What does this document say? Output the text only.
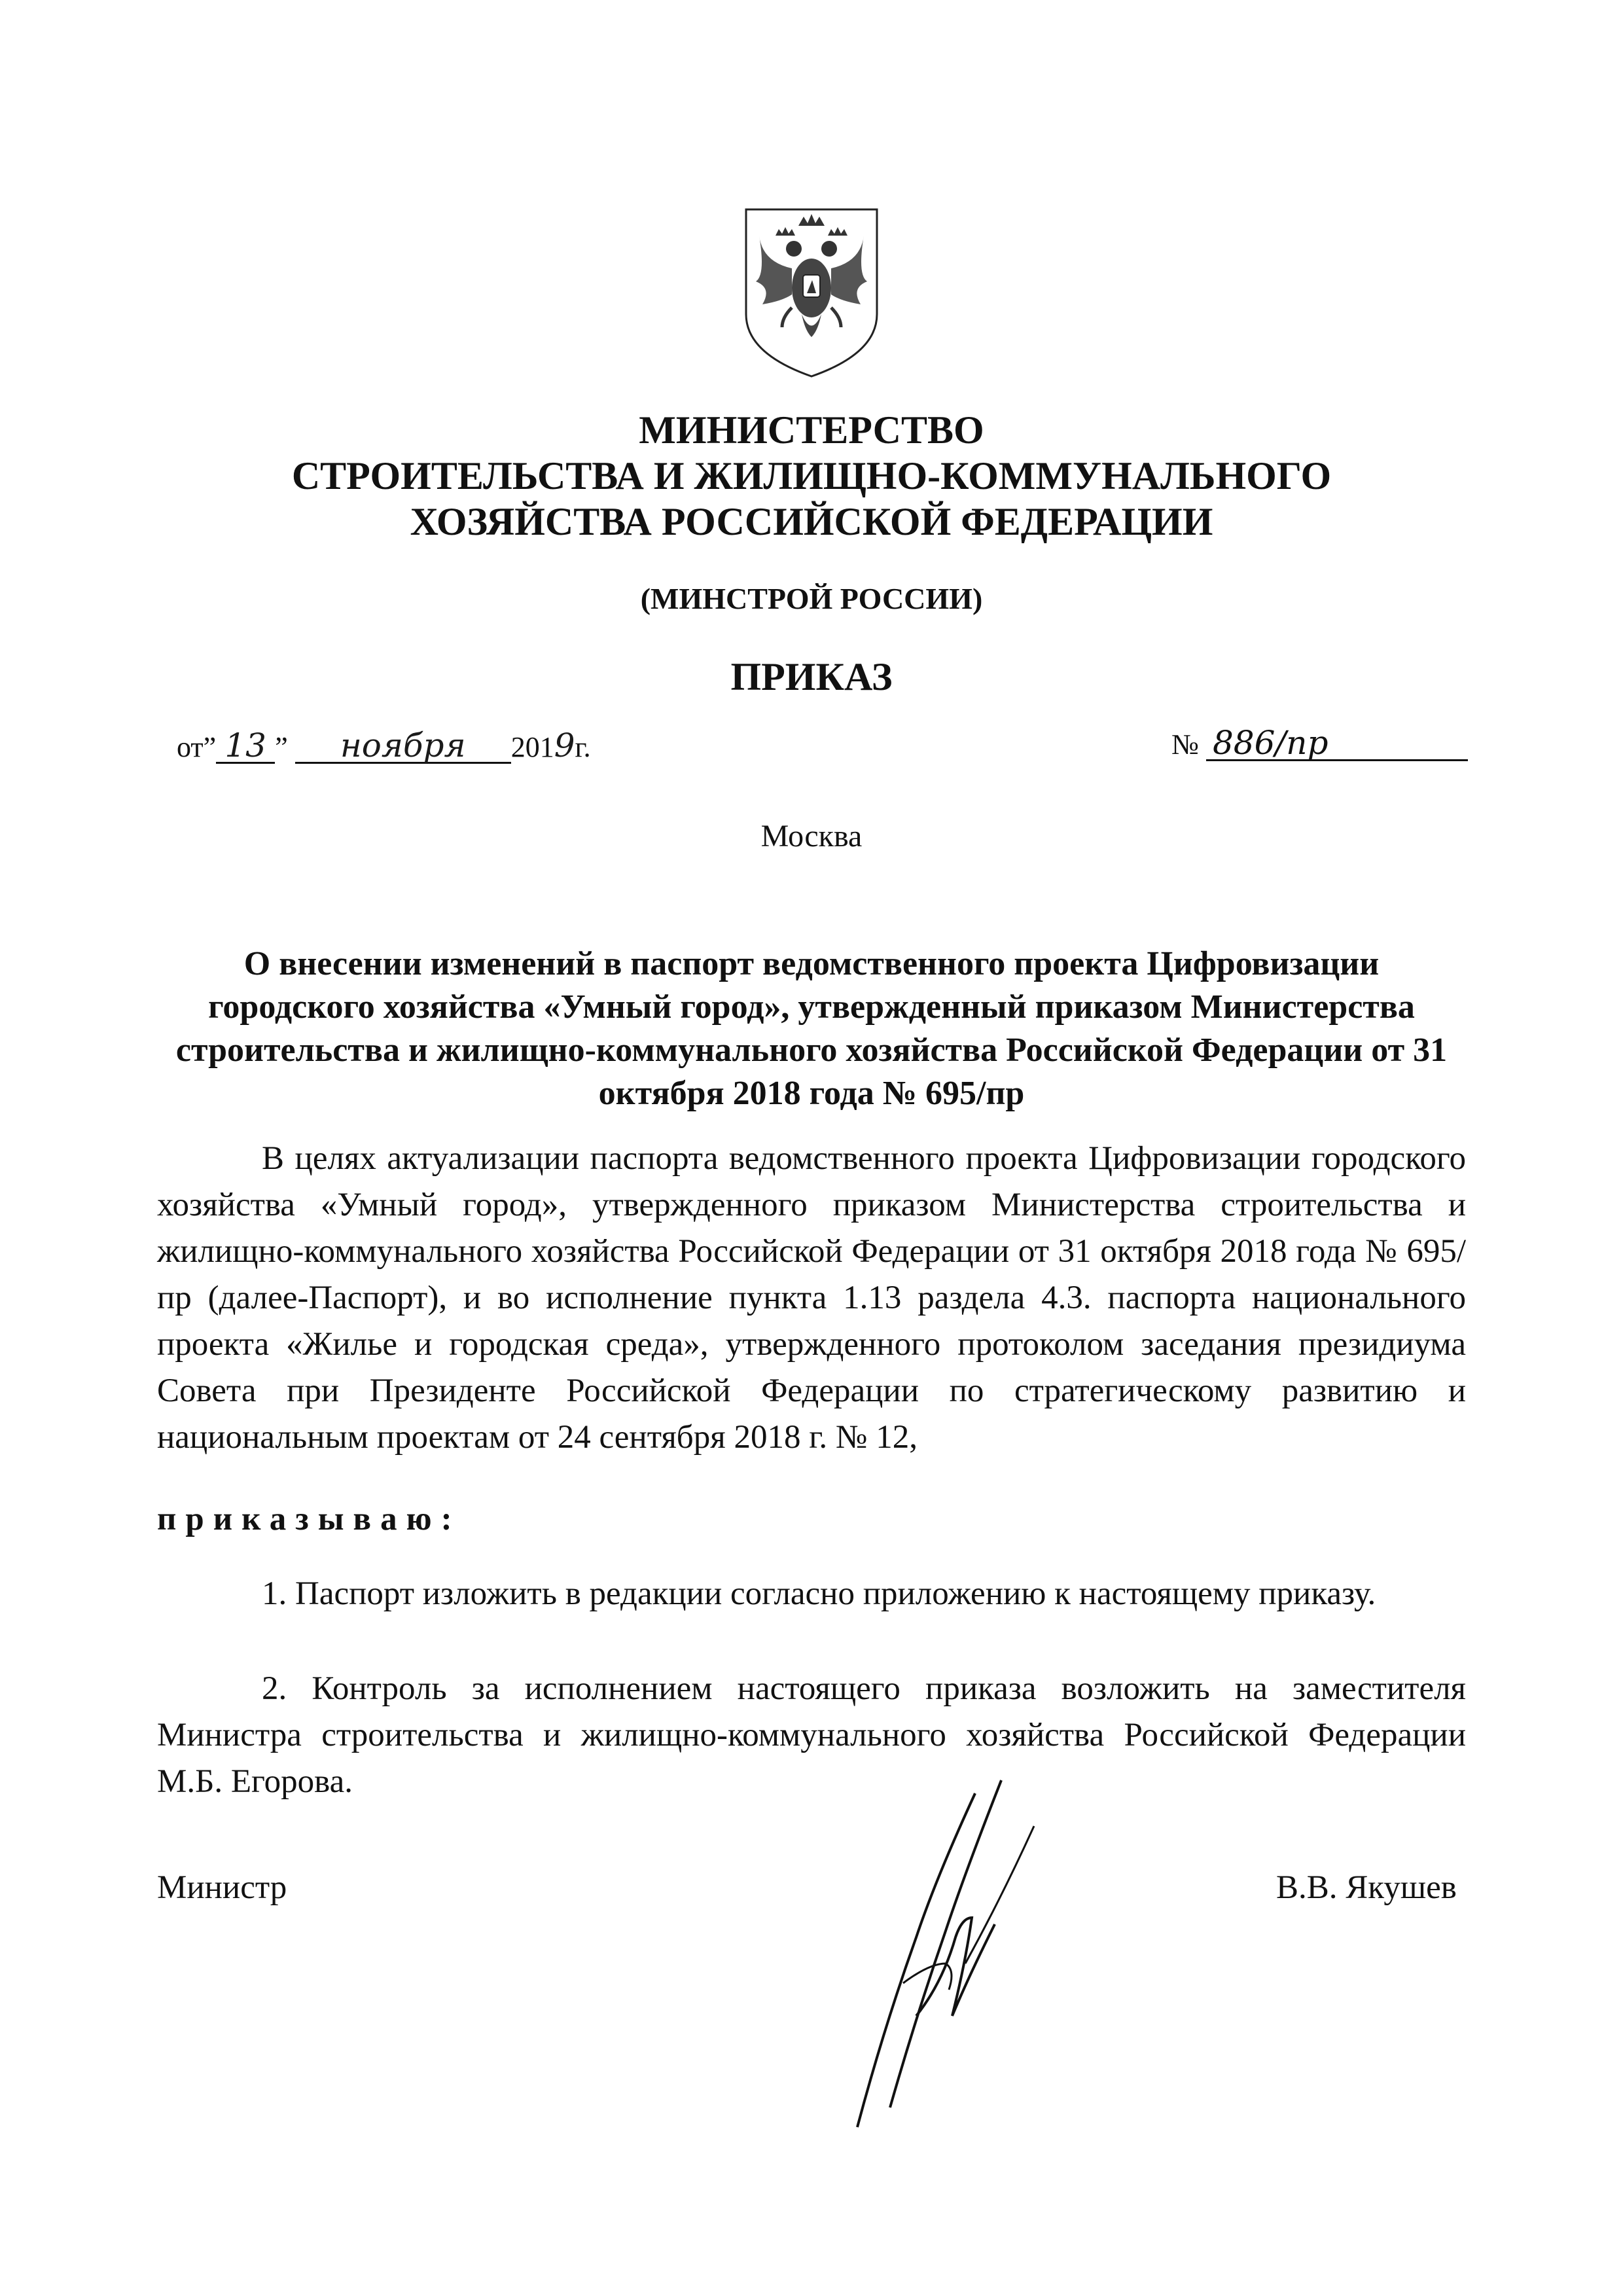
МИНИСТЕРСТВО
СТРОИТЕЛЬСТВА И ЖИЛИЩНО-КОММУНАЛЬНОГО
ХОЗЯЙСТВА РОССИЙСКОЙ ФЕДЕРАЦИИ
(МИНСТРОЙ РОССИИ)
ПРИКАЗ
от” 13 ” ноября 2019г.	№ 886/пр
Москва
О внесении изменений в паспорт ведомственного проекта Цифровизации городского хозяйства «Умный город», утвержденный приказом Министерства строительства и жилищно-коммунального хозяйства Российской Федерации от 31 октября 2018 года № 695/пр
В целях актуализации паспорта ведомственного проекта Цифровизации городского хозяйства «Умный город», утвержденного приказом Министерства строительства и жилищно-коммунального хозяйства Российской Федерации от 31 октября 2018 года № 695/пр (далее-Паспорт), и во исполнение пункта 1.13 раздела 4.3. паспорта национального проекта «Жилье и городская среда», утвержденного протоколом заседания президиума Совета при Президенте Российской Федерации по стратегическому развитию и национальным проектам от 24 сентября 2018 г. № 12,
приказываю:
1. Паспорт изложить в редакции согласно приложению к настоящему приказу.
2. Контроль за исполнением настоящего приказа возложить на заместителя Министра строительства и жилищно-коммунального хозяйства Российской Федерации М.Б. Егорова.
Министр	В.В. Якушев
